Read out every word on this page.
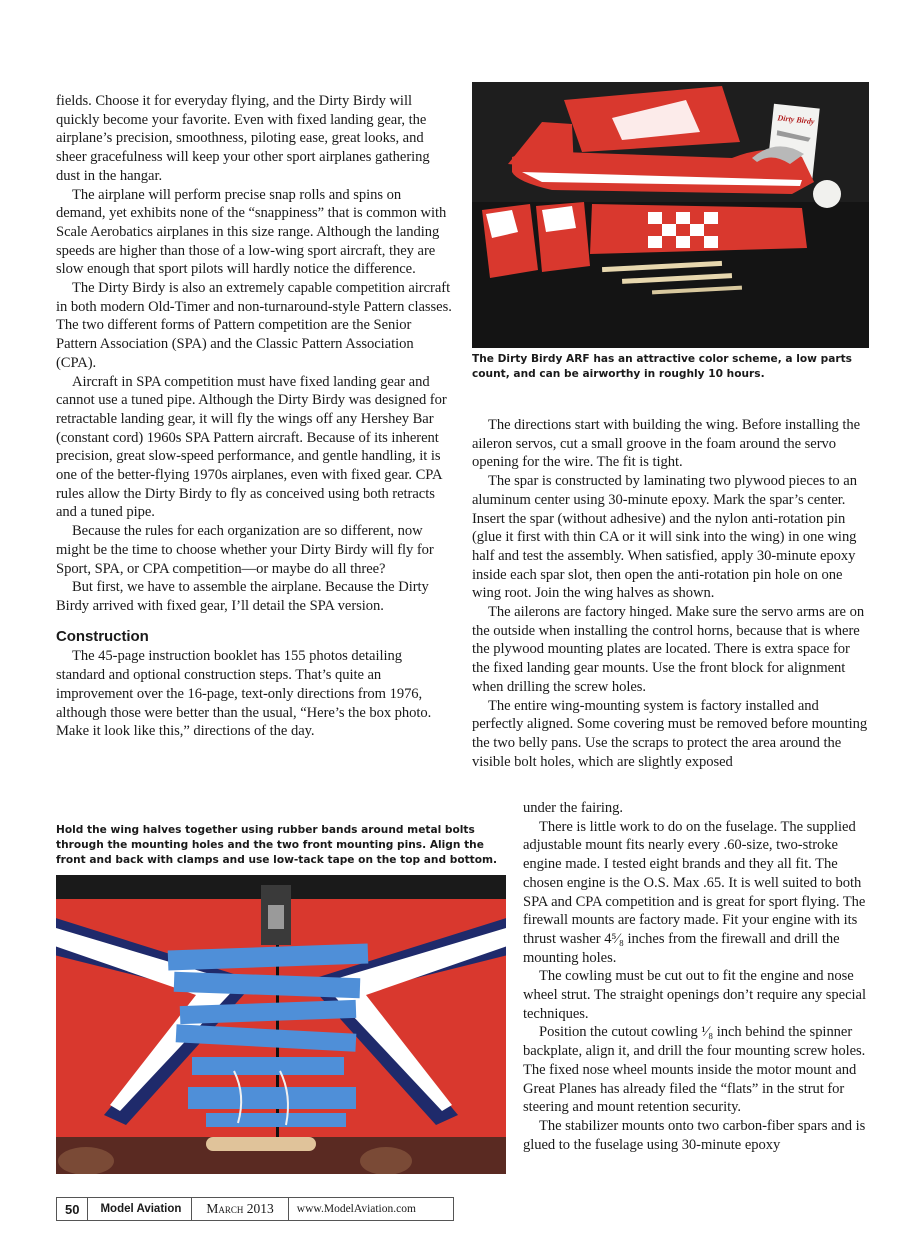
fields. Choose it for everyday flying, and the Dirty Birdy will quickly become your favorite. Even with fixed landing gear, the airplane’s precision, smoothness, piloting ease, great looks, and sheer gracefulness will keep your other sport airplanes gathering dust in the hangar.

The airplane will perform precise snap rolls and spins on demand, yet exhibits none of the “snappiness” that is common with Scale Aerobatics airplanes in this size range. Although the landing speeds are higher than those of a low-wing sport aircraft, they are slow enough that sport pilots will hardly notice the difference.

The Dirty Birdy is also an extremely capable competition aircraft in both modern Old-Timer and non-turnaround-style Pattern classes. The two different forms of Pattern competition are the Senior Pattern Association (SPA) and the Classic Pattern Association (CPA).

Aircraft in SPA competition must have fixed landing gear and cannot use a tuned pipe. Although the Dirty Birdy was designed for retractable landing gear, it will fly the wings off any Hershey Bar (constant cord) 1960s SPA Pattern aircraft. Because of its inherent precision, great slow-speed performance, and gentle handling, it is one of the better-flying 1970s airplanes, even with fixed gear. CPA rules allow the Dirty Birdy to fly as conceived using both retracts and a tuned pipe.

Because the rules for each organization are so different, now might be the time to choose whether your Dirty Birdy will fly for Sport, SPA, or CPA competition—or maybe do all three?

But first, we have to assemble the airplane. Because the Dirty Birdy arrived with fixed gear, I’ll detail the SPA version.

Construction

The 45-page instruction booklet has 155 photos detailing standard and optional construction steps. That’s quite an improvement over the 16-page, text-only directions from 1976, although those were better than the usual, “Here’s the box photo. Make it look like this,” directions of the day.

Dirty Birdy
The Dirty Birdy ARF has an attractive color scheme, a low parts count, and can be airworthy in roughly 10 hours.

The directions start with building the wing. Before installing the aileron servos, cut a small groove in the foam around the servo opening for the wire. The fit is tight.

The spar is constructed by laminating two plywood pieces to an aluminum center using 30-minute epoxy. Mark the spar’s center. Insert the spar (without adhesive) and the nylon anti-rotation pin (glue it first with thin CA or it will sink into the wing) in one wing half and test the assembly. When satisfied, apply 30-minute epoxy inside each spar slot, then open the anti-rotation pin hole on one wing root. Join the wing halves as shown.

The ailerons are factory hinged. Make sure the servo arms are on the outside when installing the control horns, because that is where the plywood mounting plates are located. There is extra space for the fixed landing gear mounts. Use the front block for alignment when drilling the screw holes.

The entire wing-mounting system is factory installed and perfectly aligned. Some covering must be removed before mounting the two belly pans. Use the scraps to protect the area around the visible bolt holes, which are slightly exposed

under the fairing.

There is little work to do on the fuselage. The supplied adjustable mount fits nearly every .60-size, two-stroke engine made. I tested eight brands and they all fit. The chosen engine is the O.S. Max .65. It is well suited to both SPA and CPA competition and is great for sport flying. The firewall mounts are factory made. Fit your engine with its thrust washer 4⁵⁄₈ inches from the firewall and drill the mounting holes.

The cowling must be cut out to fit the engine and nose wheel strut. The straight openings don’t require any special techniques.

Position the cutout cowling ¹⁄₈ inch behind the spinner backplate, align it, and drill the four mounting screw holes. The fixed nose wheel mounts inside the motor mount and Great Planes has already filed the “flats” in the strut for steering and mount retention security.

The stabilizer mounts onto two carbon-fiber spars and is glued to the fuselage using 30-minute epoxy

Hold the wing halves together using rubber bands around metal bolts through the mounting holes and the two front mounting pins. Align the front and back with clamps and use low-tack tape on the top and bottom.
50	Model Aviation	March 2013	www.ModelAviation.com
